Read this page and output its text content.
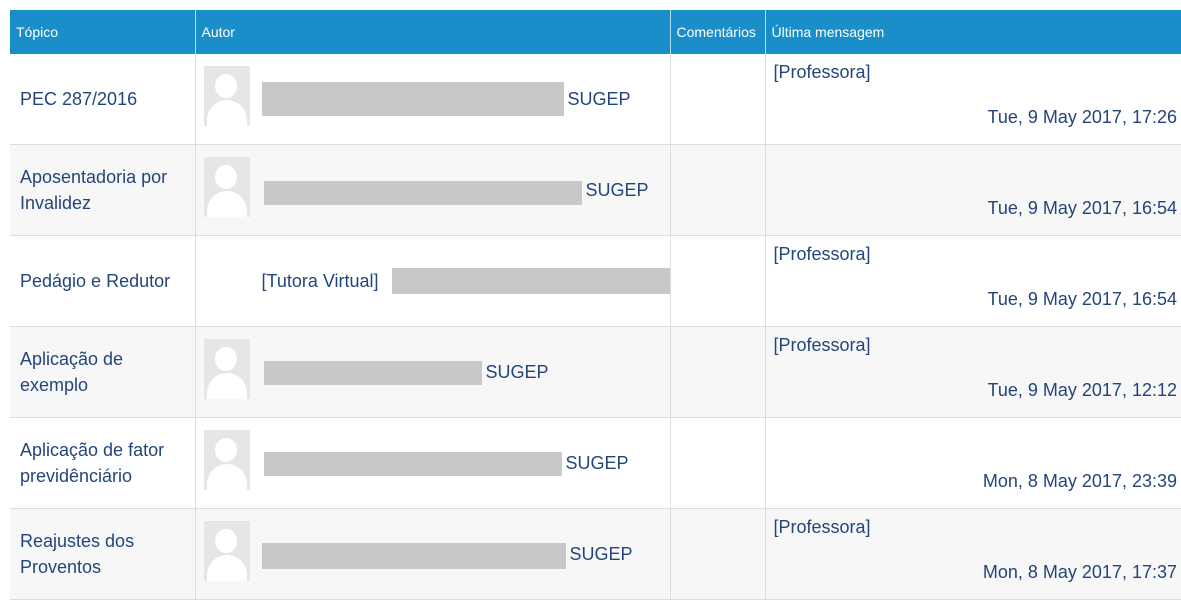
Tópico	Autor	Comentários	Última mensagem

PEC 287/2016	SUGEP		[Professora]
Tue, 9 May 2017, 17:26

Aposentadoria por Invalidez	SUGEP		Tue, 9 May 2017, 16:54

Pedágio e Redutor	[Tutora Virtual]		[Professora]
Tue, 9 May 2017, 16:54

Aplicação de exemplo	SUGEP		[Professora]
Tue, 9 May 2017, 12:12

Aplicação de fator previdênciário	SUGEP		Mon, 8 May 2017, 23:39

Reajustes dos Proventos	SUGEP		[Professora]
Mon, 8 May 2017, 17:37
